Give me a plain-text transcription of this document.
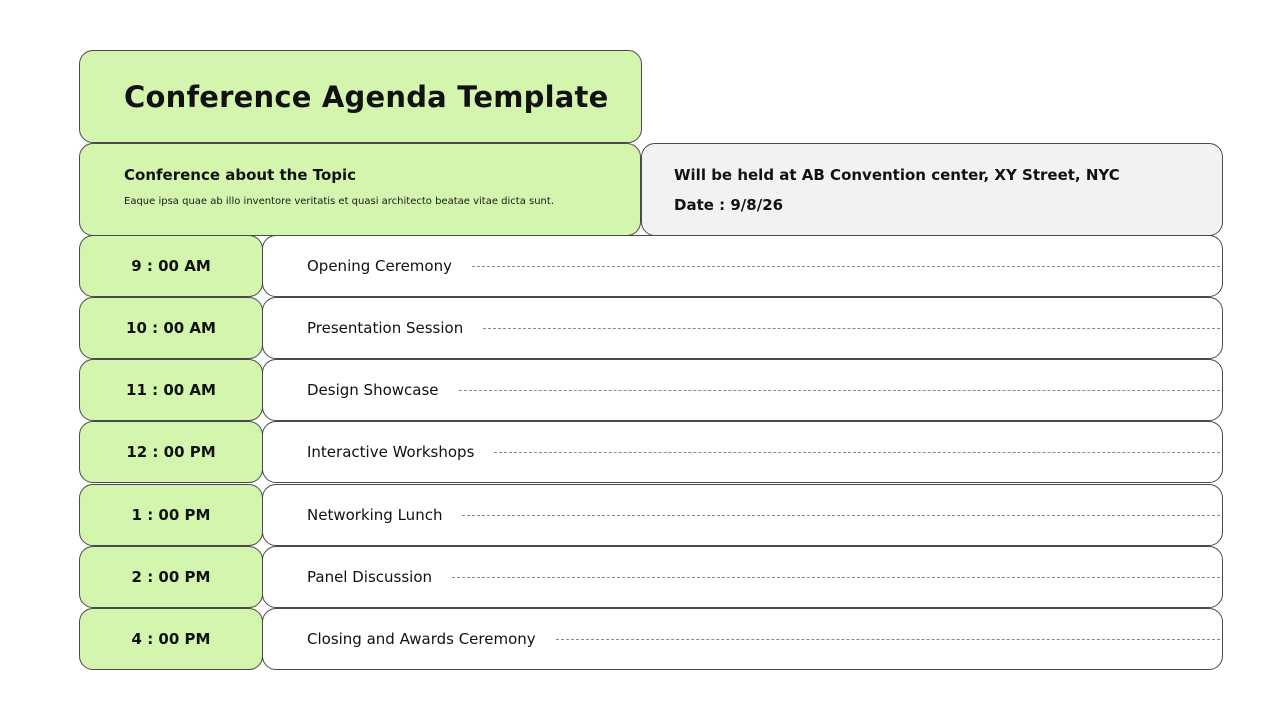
Conference Agenda Template
Conference about the Topic
Eaque ipsa quae ab illo inventore veritatis et quasi architecto beatae vitae dicta sunt.
Will be held at AB Convention center, XY Street, NYC
Date : 9/8/26
9 : 00 AM	Opening Ceremony
10 : 00 AM	Presentation Session
11 : 00 AM	Design Showcase
12 : 00 PM	Interactive Workshops
1 : 00 PM	Networking Lunch
2 : 00 PM	Panel Discussion
4 : 00 PM	Closing and Awards Ceremony
